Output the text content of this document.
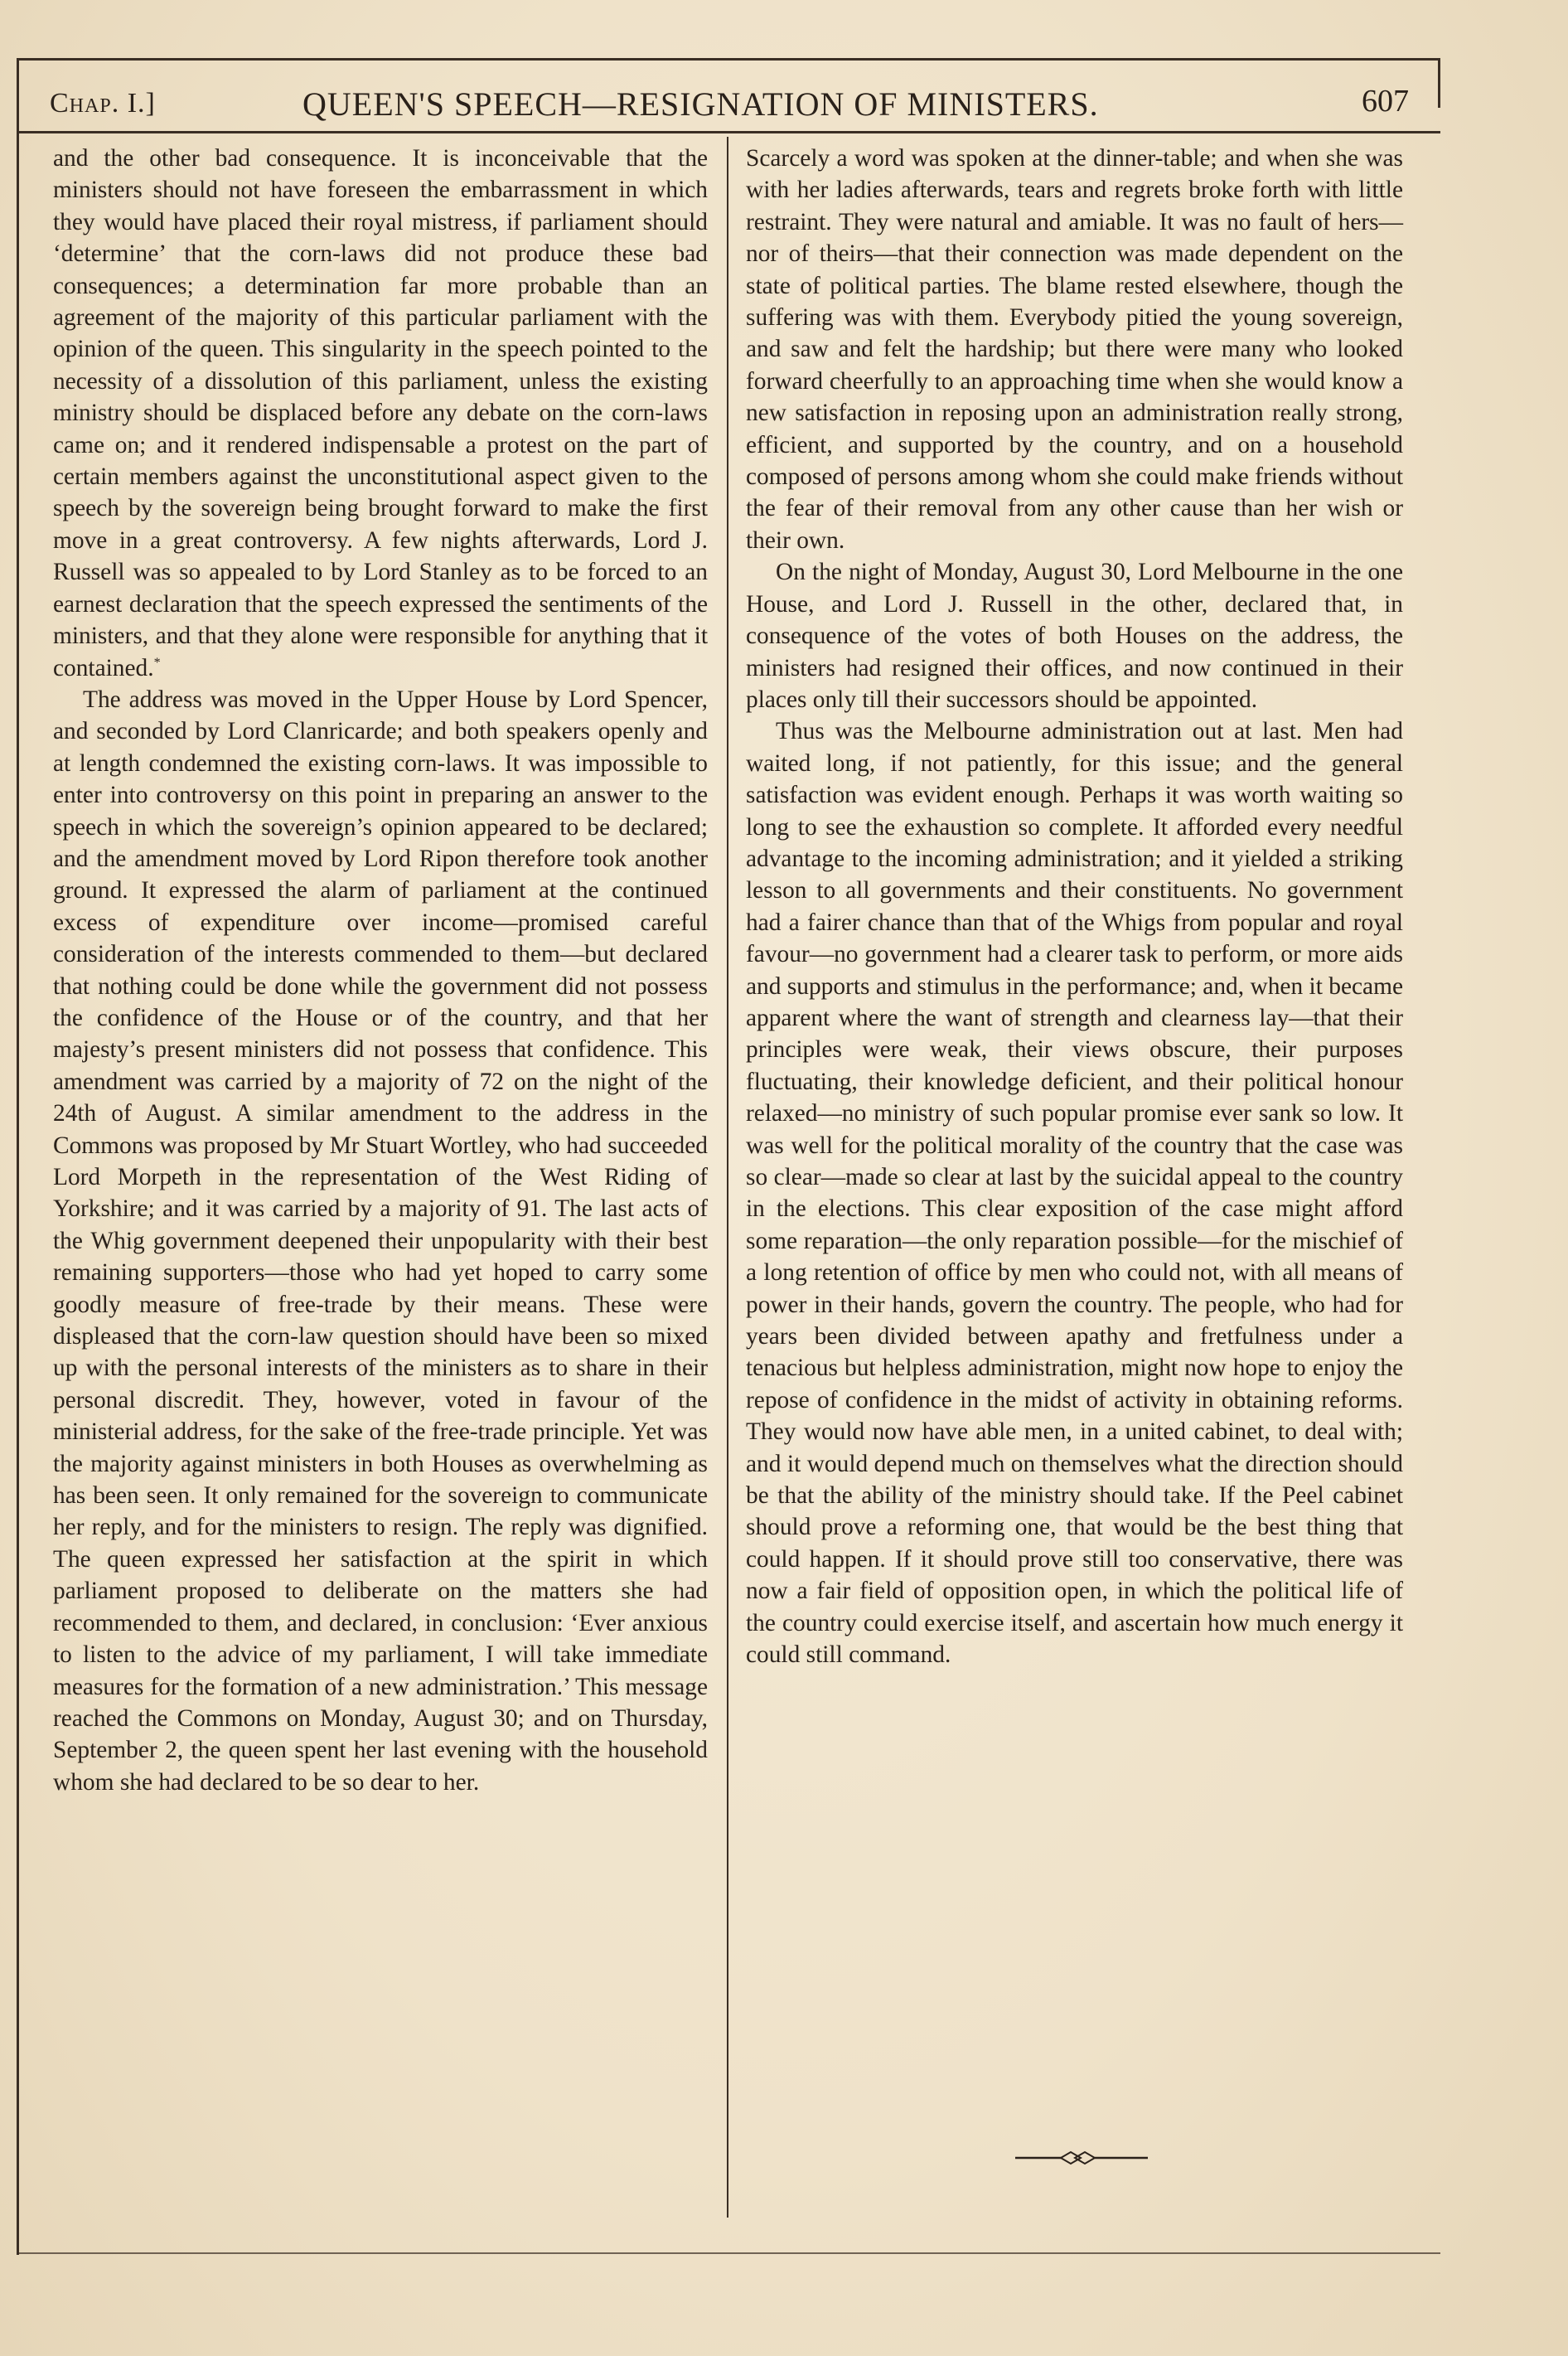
Chap. I.]	QUEEN'S SPEECH—RESIGNATION OF MINISTERS.	607

and the other bad consequence. It is inconceivable that the ministers should not have foreseen the embarrassment in which they would have placed their royal mistress, if parliament should ‘determine’ that the corn-laws did not produce these bad consequences; a determination far more probable than an agreement of the majority of this particular parliament with the opinion of the queen. This singularity in the speech pointed to the necessity of a dissolution of this parliament, unless the existing ministry should be displaced before any debate on the corn-laws came on; and it rendered indispensable a protest on the part of certain members against the unconstitutional aspect given to the speech by the sovereign being brought forward to make the first move in a great controversy. A few nights afterwards, Lord J. Russell was so appealed to by Lord Stanley as to be forced to an earnest declaration that the speech expressed the sentiments of the ministers, and that they alone were responsible for anything that it contained.*

The address was moved in the Upper House by Lord Spencer, and seconded by Lord Clanricarde; and both speakers openly and at length condemned the existing corn-laws. It was impossible to enter into controversy on this point in preparing an answer to the speech in which the sovereign’s opinion appeared to be declared; and the amendment moved by Lord Ripon therefore took another ground. It expressed the alarm of parliament at the continued excess of expenditure over income—promised careful consideration of the interests commended to them—but declared that nothing could be done while the government did not possess the confidence of the House or of the country, and that her majesty’s present ministers did not possess that confidence. This amendment was carried by a majority of 72 on the night of the 24th of August. A similar amendment to the address in the Commons was proposed by Mr Stuart Wortley, who had succeeded Lord Morpeth in the representation of the West Riding of Yorkshire; and it was carried by a majority of 91. The last acts of the Whig government deepened their unpopularity with their best remaining supporters—those who had yet hoped to carry some goodly measure of free-trade by their means. These were displeased that the corn-law question should have been so mixed up with the personal interests of the ministers as to share in their personal discredit. They, however, voted in favour of the ministerial address, for the sake of the free-trade principle. Yet was the majority against ministers in both Houses as overwhelming as has been seen. It only remained for the sovereign to communicate her reply, and for the ministers to resign. The reply was dignified. The queen expressed her satisfaction at the spirit in which parliament proposed to deliberate on the matters she had recommended to them, and declared, in conclusion: ‘Ever anxious to listen to the advice of my parliament, I will take immediate measures for the formation of a new administration.’ This message reached the Commons on Monday, August 30; and on Thursday, September 2, the queen spent her last evening with the household whom she had declared to be so dear to her.

Scarcely a word was spoken at the dinner-table; and when she was with her ladies afterwards, tears and regrets broke forth with little restraint. They were natural and amiable. It was no fault of hers—nor of theirs—that their connection was made dependent on the state of political parties. The blame rested elsewhere, though the suffering was with them. Everybody pitied the young sovereign, and saw and felt the hardship; but there were many who looked forward cheerfully to an approaching time when she would know a new satisfaction in reposing upon an administration really strong, efficient, and supported by the country, and on a household composed of persons among whom she could make friends without the fear of their removal from any other cause than her wish or their own.

On the night of Monday, August 30, Lord Melbourne in the one House, and Lord J. Russell in the other, declared that, in consequence of the votes of both Houses on the address, the ministers had resigned their offices, and now continued in their places only till their successors should be appointed.

Thus was the Melbourne administration out at last. Men had waited long, if not patiently, for this issue; and the general satisfaction was evident enough. Perhaps it was worth waiting so long to see the exhaustion so complete. It afforded every needful advantage to the incoming administration; and it yielded a striking lesson to all governments and their constituents. No government had a fairer chance than that of the Whigs from popular and royal favour—no government had a clearer task to perform, or more aids and supports and stimulus in the performance; and, when it became apparent where the want of strength and clearness lay—that their principles were weak, their views obscure, their purposes fluctuating, their knowledge deficient, and their political honour relaxed—no ministry of such popular promise ever sank so low. It was well for the political morality of the country that the case was so clear—made so clear at last by the suicidal appeal to the country in the elections. This clear exposition of the case might afford some reparation—the only reparation possible—for the mischief of a long retention of office by men who could not, with all means of power in their hands, govern the country. The people, who had for years been divided between apathy and fretfulness under a tenacious but helpless administration, might now hope to enjoy the repose of confidence in the midst of activity in obtaining reforms. They would now have able men, in a united cabinet, to deal with; and it would depend much on themselves what the direction should be that the ability of the ministry should take. If the Peel cabinet should prove a reforming one, that would be the best thing that could happen. If it should prove still too conservative, there was now a fair field of opposition open, in which the political life of the country could exercise itself, and ascertain how much energy it could still command.
